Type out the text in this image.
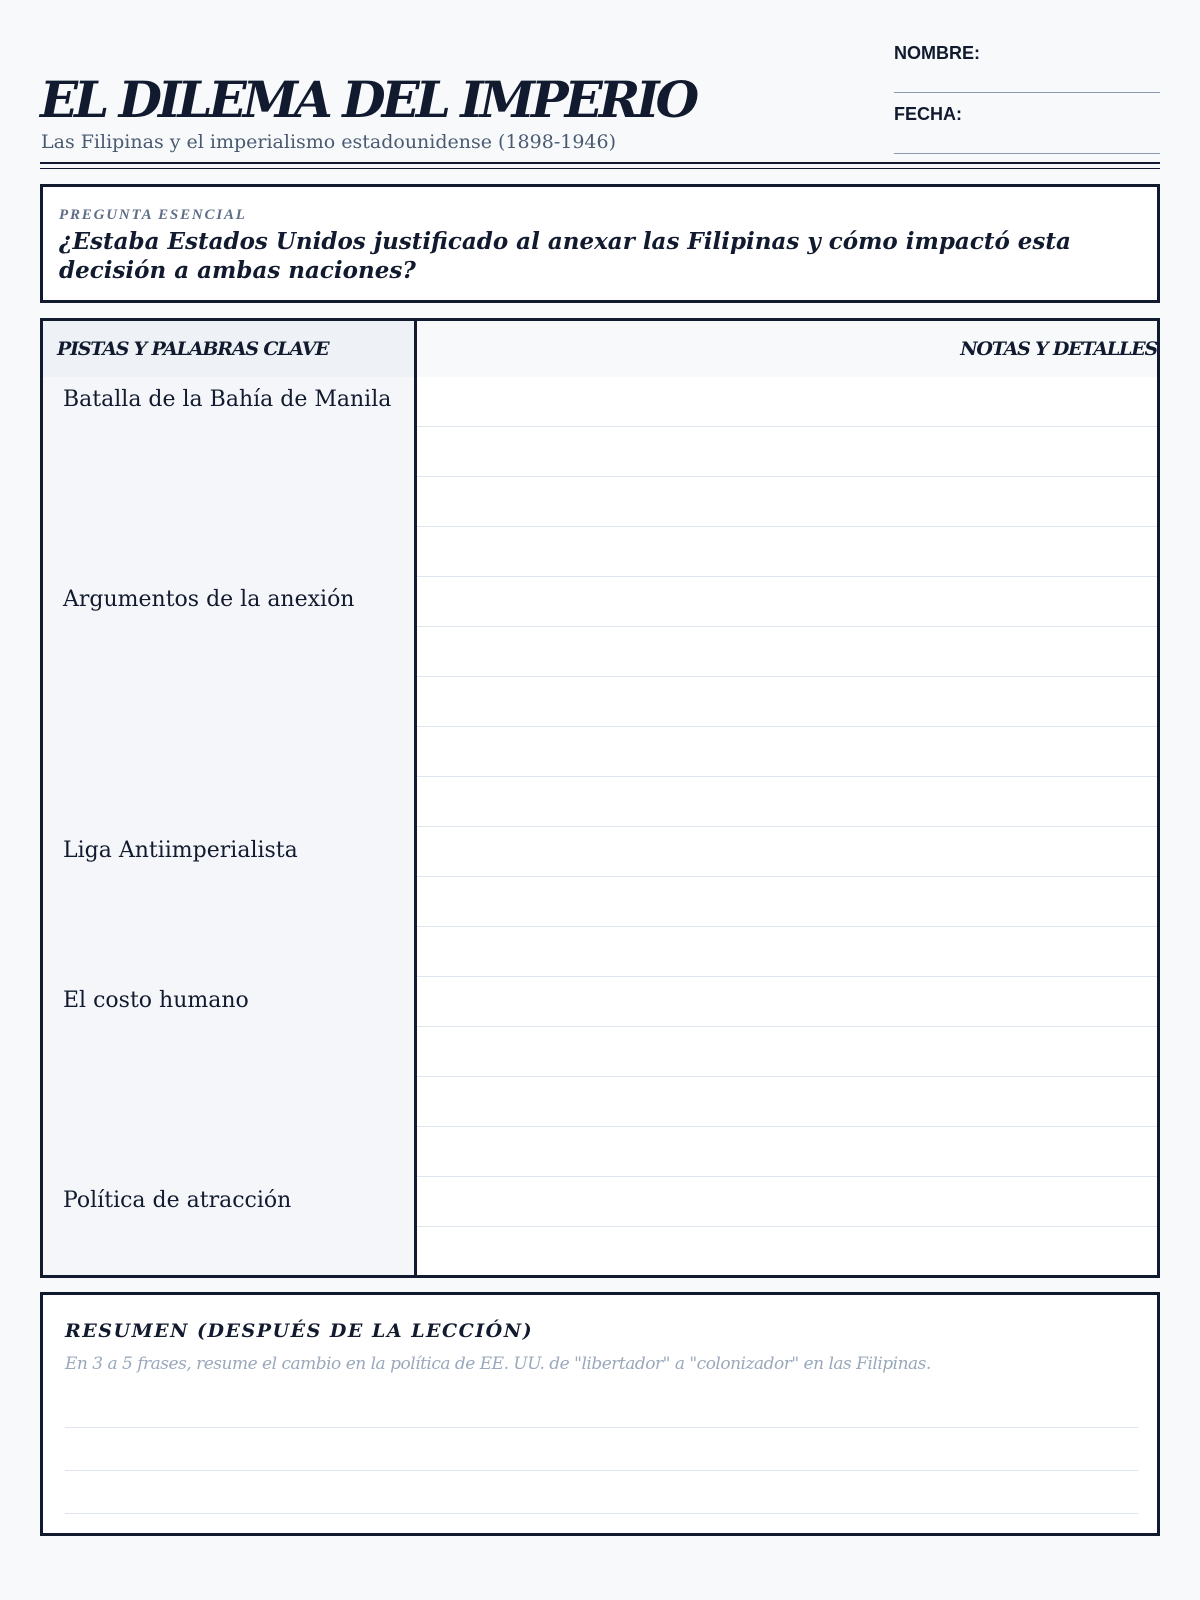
EL DILEMA DEL IMPERIO
Las Filipinas y el imperialismo estadounidense (1898-1946)
NOMBRE:
FECHA:
PREGUNTA ESENCIAL
¿Estaba Estados Unidos justificado al anexar las Filipinas y cómo impactó esta decisión a ambas naciones?
PISTAS Y PALABRAS CLAVE
Batalla de la Bahía de Manila
Argumentos de la anexión
Liga Antiimperialista
El costo humano
Política de atracción
NOTAS Y DETALLES
RESUMEN (DESPUÉS DE LA LECCIÓN)
En 3 a 5 frases, resume el cambio en la política de EE. UU. de "libertador" a "colonizador" en las Filipinas.
